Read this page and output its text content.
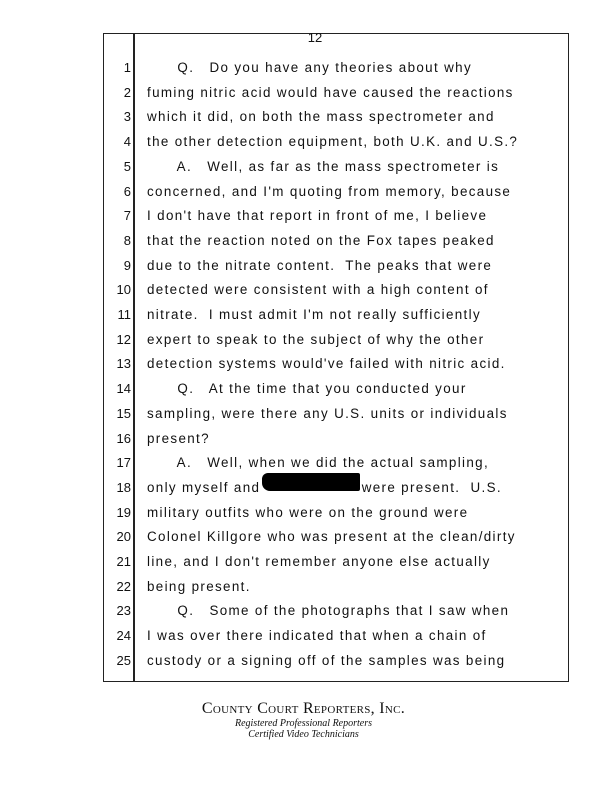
12
1 Q.   Do you have any theories about why
2 fuming nitric acid would have caused the reactions
3 which it did, on both the mass spectrometer and
4 the other detection equipment, both U.K. and U.S.?
5 A.   Well, as far as the mass spectrometer is
6 concerned, and I'm quoting from memory, because
7 I don't have that report in front of me, I believe
8 that the reaction noted on the Fox tapes peaked
9 due to the nitrate content.  The peaks that were
10 detected were consistent with a high content of
11 nitrate.  I must admit I'm not really sufficiently
12 expert to speak to the subject of why the other
13 detection systems would've failed with nitric acid.
14 Q.   At the time that you conducted your
15 sampling, were there any U.S. units or individuals
16 present?
17 A.   Well, when we did the actual sampling,
18 only myself and                    were present.  U.S.
19 military outfits who were on the ground were
20 Colonel Killgore who was present at the clean/dirty
21 line, and I don't remember anyone else actually
22 being present.
23 Q.   Some of the photographs that I saw when
24 I was over there indicated that when a chain of
25 custody or a signing off of the samples was being
County Court Reporters, Inc.
Registered Professional Reporters
Certified Video Technicians
